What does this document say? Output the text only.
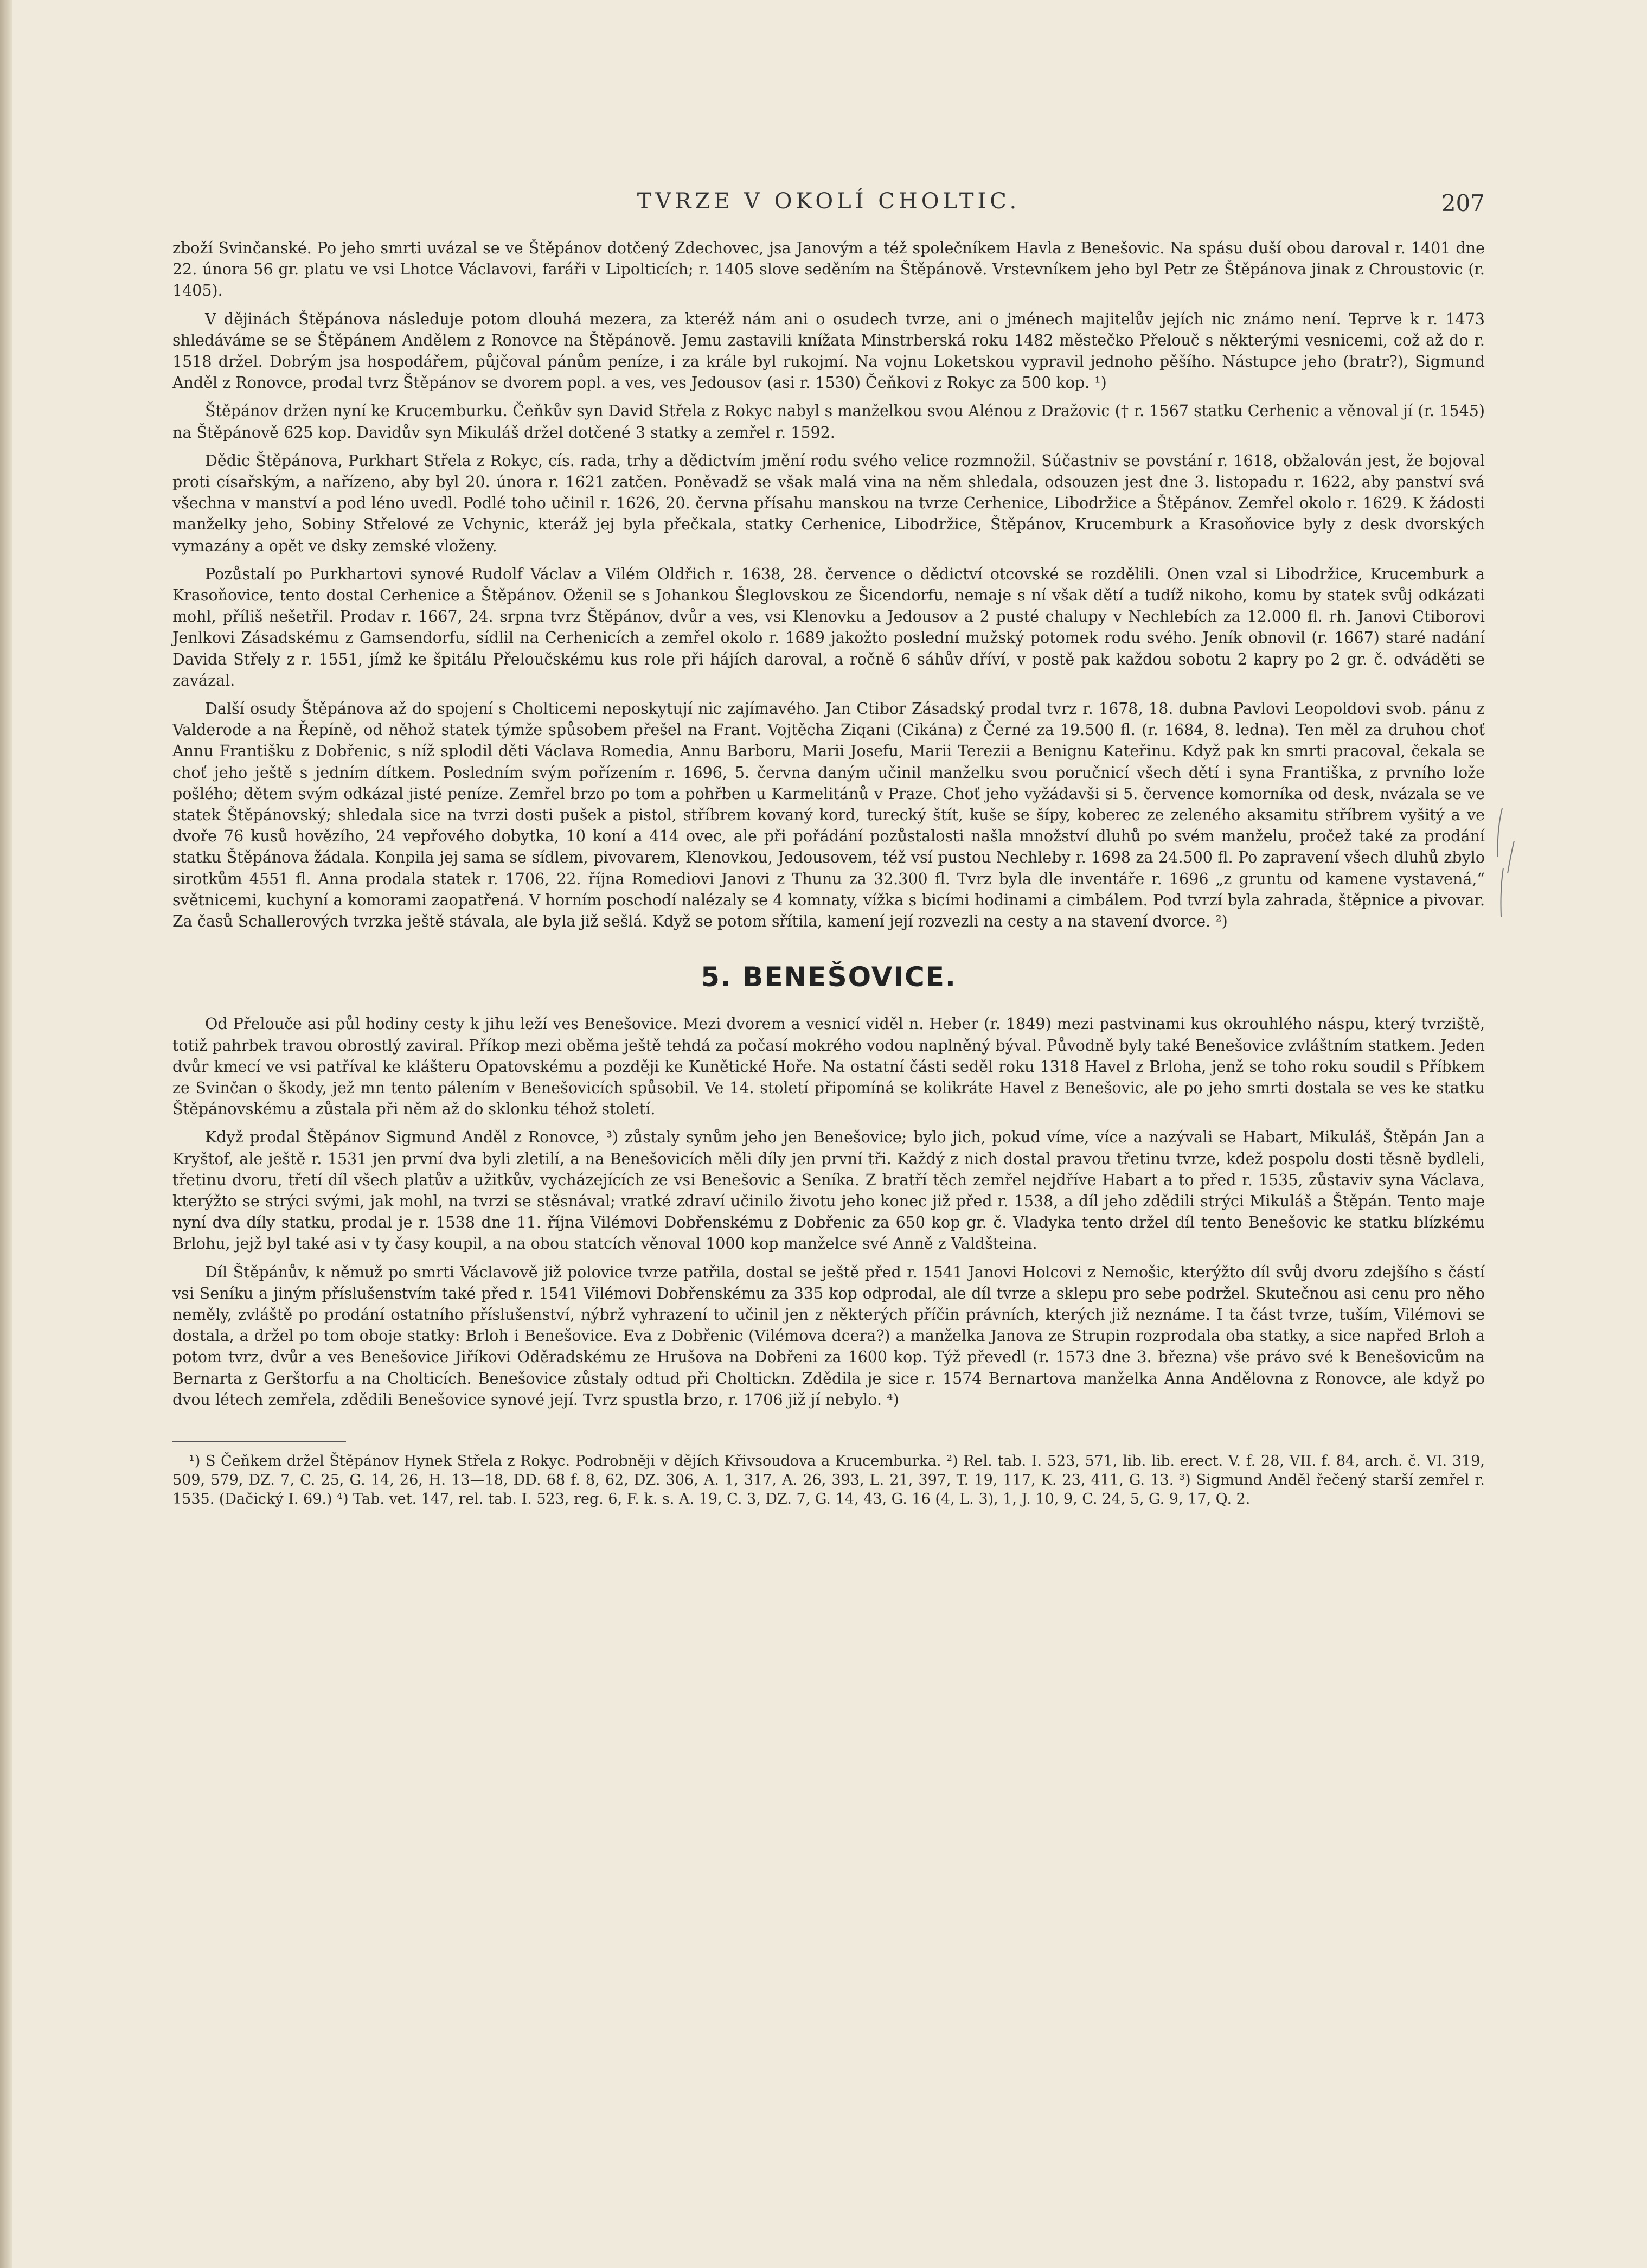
TVRZE V OKOLÍ CHOLTIC.	207

zboží Svinčanské. Po jeho smrti uvázal se ve Štěpánov dotčený Zdechovec, jsa Janovým a též společníkem Havla z Benešovic. Na spásu duší obou daroval r. 1401 dne 22. února 56 gr. platu ve vsi Lhotce Václavovi, faráři v Lipolticích; r. 1405 slove seděním na Štěpánově. Vrstevníkem jeho byl Petr ze Štěpánova jinak z Chroustovic (r. 1405).

V dějinách Štěpánova následuje potom dlouhá mezera, za kteréž nám ani o osudech tvrze, ani o jménech majitelův jejích nic známo není. Teprve k r. 1473 shledáváme se se Štěpánem Andělem z Ronovce na Štěpánově. Jemu zastavili knížata Minstrberská roku 1482 městečko Přelouč s některými vesnicemi, což až do r. 1518 držel. Dobrým jsa hospodářem, půjčoval pánům peníze, i za krále byl rukojmí. Na vojnu Loketskou vypravil jednoho pěšího. Nástupce jeho (bratr?), Sigmund Anděl z Ronovce, prodal tvrz Štěpánov se dvorem popl. a ves, ves Jedousov (asi r. 1530) Čeňkovi z Rokyc za 500 kop. ¹)

Štěpánov držen nyní ke Krucemburku. Čeňkův syn David Střela z Rokyc nabyl s manželkou svou Alénou z Dražovic († r. 1567 statku Cerhenic a věnoval jí (r. 1545) na Štěpánově 625 kop. Davidův syn Mikuláš držel dotčené 3 statky a zemřel r. 1592.

Dědic Štěpánova, Purkhart Střela z Rokyc, cís. rada, trhy a dědictvím jmění rodu svého velice rozmnožil. Súčastniv se povstání r. 1618, obžalován jest, že bojoval proti císařským, a nařízeno, aby byl 20. února r. 1621 zatčen. Poněvadž se však malá vina na něm shledala, odsouzen jest dne 3. listopadu r. 1622, aby panství svá všechna v manství a pod léno uvedl. Podlé toho učinil r. 1626, 20. června přísahu manskou na tvrze Cerhenice, Libodržice a Štěpánov. Zemřel okolo r. 1629. K žádosti manželky jeho, Sobiny Střelové ze Vchynic, kteráž jej byla přečkala, statky Cerhenice, Libodržice, Štěpánov, Krucemburk a Krasoňovice byly z desk dvorských vymazány a opět ve dsky zemské vloženy.

Pozůstalí po Purkhartovi synové Rudolf Václav a Vilém Oldřich r. 1638, 28. července o dědictví otcovské se rozdělili. Onen vzal si Libodržice, Krucemburk a Krasoňovice, tento dostal Cerhenice a Štěpánov. Oženil se s Johankou Šleglovskou ze Šicendorfu, nemaje s ní však dětí a tudíž nikoho, komu by statek svůj odkázati mohl, příliš nešetřil. Prodav r. 1667, 24. srpna tvrz Štěpánov, dvůr a ves, vsi Klenovku a Jedousov a 2 pusté chalupy v Nechlebích za 12.000 fl. rh. Janovi Ctiborovi Jenlkovi Zásadskému z Gamsendorfu, sídlil na Cerhenicích a zemřel okolo r. 1689 jakožto poslední mužský potomek rodu svého. Jeník obnovil (r. 1667) staré nadání Davida Střely z r. 1551, jímž ke špitálu Přeloučskému kus role při hájích daroval, a ročně 6 sáhův dříví, v postě pak každou sobotu 2 kapry po 2 gr. č. odváděti se zavázal.

Další osudy Štěpánova až do spojení s Cholticemi neposkytují nic zajímavého. Jan Ctibor Zásadský prodal tvrz r. 1678, 18. dubna Pavlovi Leopoldovi svob. pánu z Valderode a na Řepíně, od něhož statek týmže spůsobem přešel na Frant. Vojtěcha Ziqani (Cikána) z Černé za 19.500 fl. (r. 1684, 8. ledna). Ten měl za druhou choť Annu Františku z Dobřenic, s níž splodil děti Václava Romedia, Annu Barboru, Marii Josefu, Marii Terezii a Benignu Kateřinu. Když pak kn smrti pracoval, čekala se choť jeho ještě s jedním dítkem. Posledním svým pořízením r. 1696, 5. června daným učinil manželku svou poručnicí všech dětí i syna Františka, z prvního lože pošlého; dětem svým odkázal jisté peníze. Zemřel brzo po tom a pohřben u Karmelitánů v Praze. Choť jeho vyžádavši si 5. července komorníka od desk, nvázala se ve statek Štěpánovský; shledala sice na tvrzi dosti pušek a pistol, stříbrem kovaný kord, turecký štít, kuše se šípy, koberec ze zeleného aksamitu stříbrem vyšitý a ve dvoře 76 kusů hovězího, 24 vepřového dobytka, 10 koní a 414 ovec, ale při pořádání pozůstalosti našla množství dluhů po svém manželu, pročež také za prodání statku Štěpánova žádala. Konpila jej sama se sídlem, pivovarem, Klenovkou, Jedousovem, též vsí pustou Nechleby r. 1698 za 24.500 fl. Po zapravení všech dluhů zbylo sirotkům 4551 fl. Anna prodala statek r. 1706, 22. října Romediovi Janovi z Thunu za 32.300 fl. Tvrz byla dle inventáře r. 1696 „z gruntu od kamene vystavená,“ světnicemi, kuchyní a komorami zaopatřená. V horním poschodí nalézaly se 4 komnaty, vížka s bicími hodinami a cimbálem. Pod tvrzí byla zahrada, štěpnice a pivovar. Za časů Schallerových tvrzka ještě stávala, ale byla již sešlá. Když se potom sřítila, kamení její rozvezli na cesty a na stavení dvorce. ²)

5. BENEŠOVICE.

Od Přelouče asi půl hodiny cesty k jihu leží ves Benešovice. Mezi dvorem a vesnicí viděl n. Heber (r. 1849) mezi pastvinami kus okrouhlého náspu, který tvrziště, totiž pahrbek travou obrostlý zaviral. Příkop mezi oběma ještě tehdá za počasí mokrého vodou naplněný býval. Původně byly také Benešovice zvláštním statkem. Jeden dvůr kmecí ve vsi patříval ke klášteru Opatovskému a později ke Kunětické Hoře. Na ostatní části seděl roku 1318 Havel z Brloha, jenž se toho roku soudil s Příbkem ze Svinčan o škody, jež mn tento pálením v Benešovicích spůsobil. Ve 14. století připomíná se kolikráte Havel z Benešovic, ale po jeho smrti dostala se ves ke statku Štěpánovskému a zůstala při něm až do sklonku téhož století.

Když prodal Štěpánov Sigmund Anděl z Ronovce, ³) zůstaly synům jeho jen Benešovice; bylo jich, pokud víme, více a nazývali se Habart, Mikuláš, Štěpán Jan a Kryštof, ale ještě r. 1531 jen první dva byli zletilí, a na Benešovicích měli díly jen první tři. Každý z nich dostal pravou třetinu tvrze, kdež pospolu dosti těsně bydleli, třetinu dvoru, třetí díl všech platův a užitkův, vycházejících ze vsi Benešovic a Seníka. Z bratří těch zemřel nejdříve Habart a to před r. 1535, zůstaviv syna Václava, kterýžto se strýci svými, jak mohl, na tvrzi se stěsnával; vratké zdraví učinilo životu jeho konec již před r. 1538, a díl jeho zdědili strýci Mikuláš a Štěpán. Tento maje nyní dva díly statku, prodal je r. 1538 dne 11. října Vilémovi Dobřenskému z Dobřenic za 650 kop gr. č. Vladyka tento držel díl tento Benešovic ke statku blízkému Brlohu, jejž byl také asi v ty časy koupil, a na obou statcích věnoval 1000 kop manželce své Anně z Valdšteina.

Díl Štěpánův, k němuž po smrti Václavově již polovice tvrze patřila, dostal se ještě před r. 1541 Janovi Holcovi z Nemošic, kterýžto díl svůj dvoru zdejšího s částí vsi Seníku a jiným příslušenstvím také před r. 1541 Vilémovi Dobřenskému za 335 kop odprodal, ale díl tvrze a sklepu pro sebe podržel. Skutečnou asi cenu pro něho neměly, zvláště po prodání ostatního příslušenství, nýbrž vyhrazení to učinil jen z některých příčin právních, kterých již neznáme. I ta část tvrze, tuším, Vilémovi se dostala, a držel po tom oboje statky: Brloh i Benešovice. Eva z Dobřenic (Vilémova dcera?) a manželka Janova ze Strupin rozprodala oba statky, a sice napřed Brloh a potom tvrz, dvůr a ves Benešovice Jiříkovi Oděradskému ze Hrušova na Dobřeni za 1600 kop. Týž převedl (r. 1573 dne 3. března) vše právo své k Benešovicům na Bernarta z Gerštorfu a na Cholticích. Benešovice zůstaly odtud při Choltickn. Zdědila je sice r. 1574 Bernartova manželka Anna Andělovna z Ronovce, ale když po dvou létech zemřela, zdědili Benešovice synové její. Tvrz spustla brzo, r. 1706 již jí nebylo. ⁴)

¹) S Čeňkem držel Štěpánov Hynek Střela z Rokyc. Podrobněji v dějích Křivsoudova a Krucemburka. ²) Rel. tab. I. 523, 571, lib. lib. erect. V. f. 28, VII. f. 84, arch. č. VI. 319, 509, 579, DZ. 7, C. 25, G. 14, 26, H. 13—18, DD. 68 f. 8, 62, DZ. 306, A. 1, 317, A. 26, 393, L. 21, 397, T. 19, 117, K. 23, 411, G. 13. ³) Sigmund Anděl řečený starší zemřel r. 1535. (Dačický I. 69.) ⁴) Tab. vet. 147, rel. tab. I. 523, reg. 6, F. k. s. A. 19, C. 3, DZ. 7, G. 14, 43, G. 16 (4, L. 3), 1, J. 10, 9, C. 24, 5, G. 9, 17, Q. 2.
